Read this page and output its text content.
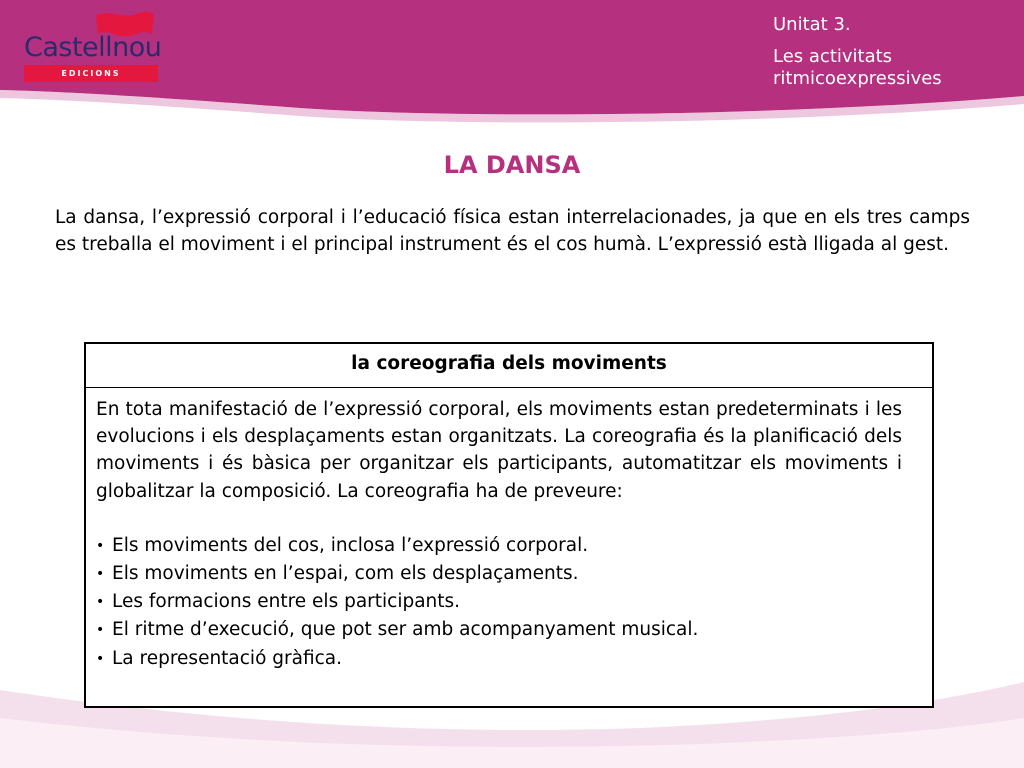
Castellnou
EDICIONS
Unitat 3.
Les activitats ritmicoexpressives
LA DANSA
La dansa, l’expressió corporal i l’educació física estan interrelacionades, ja que en els tres camps es treballa el moviment i el principal instrument és el cos humà. L’expressió està lligada al gest.
la coreografia dels moviments

En tota manifestació de l’expressió corporal, els moviments estan predeterminats i les evolucions i els desplaçaments estan organitzats. La coreografia és la planificació dels moviments i és bàsica per organitzar els participants, automatitzar els moviments i globalitzar la composició. La coreografia ha de preveure:

• Els moviments del cos, inclosa l’expressió corporal.
• Els moviments en l’espai, com els desplaçaments.
• Les formacions entre els participants.
• El ritme d’execució, que pot ser amb acompanyament musical.
• La representació gràfica.
